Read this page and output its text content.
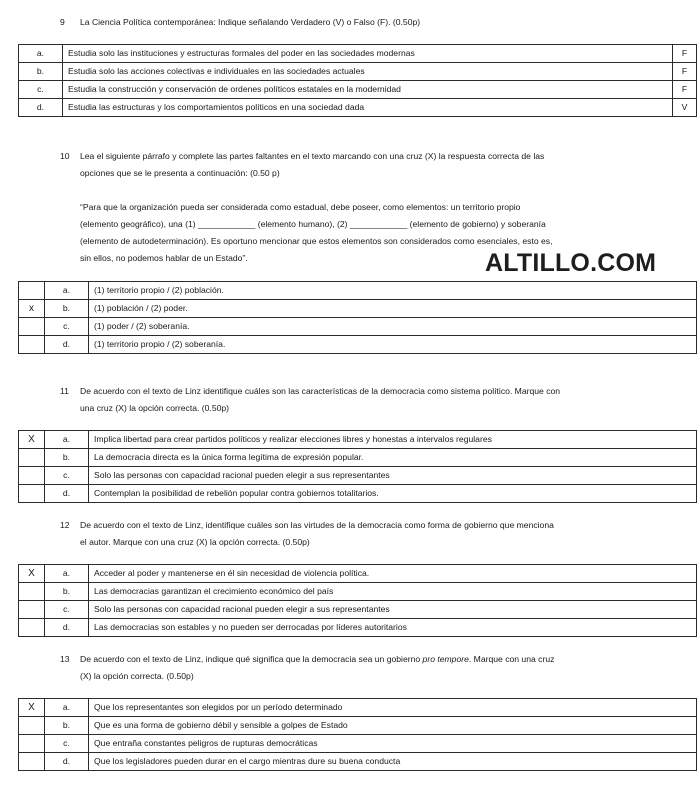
9 La Ciencia Política contemporánea: Indique señalando Verdadero (V) o Falso (F). (0.50p)
a.	Estudia solo las instituciones y estructuras formales del poder en las sociedades modernas	F
b.	Estudia solo las acciones colectivas e individuales en las sociedades actuales	F
c.	Estudia la construcción y conservación de ordenes políticos estatales en la modernidad	F
d.	Estudia las estructuras y los comportamientos políticos en una sociedad dada	V
10 Lea el siguiente párrafo y complete las partes faltantes en el texto marcando con una cruz (X) la respuesta correcta de las
opciones que se le presenta a continuación: (0.50 p)
“Para que la organización pueda ser considerada como estadual, debe poseer, como elementos: un territorio propio
(elemento geográfico), una (1) ____________ (elemento humano), (2) ____________ (elemento de gobierno) y soberanía
(elemento de autodeterminación). Es oportuno mencionar que estos elementos son considerados como esenciales, esto es,
sin ellos, no podemos hablar de un Estado”.	ALTILLO.COM
	a.	(1) territorio propio / (2) población.
x	b.	(1) población / (2) poder.
	c.	(1) poder / (2) soberanía.
	d.	(1) territorio propio / (2) soberanía.
11 De acuerdo con el texto de Linz identifique cuáles son las características de la democracia como sistema político. Marque con
una cruz (X) la opción correcta. (0.50p)
X	a.	Implica libertad para crear partidos políticos y realizar elecciones libres y honestas a intervalos regulares
	b.	La democracia directa es la única forma legítima de expresión popular.
	c.	Solo las personas con capacidad racional pueden elegir a sus representantes
	d.	Contemplan la posibilidad de rebelión popular contra gobiernos totalitarios.
12 De acuerdo con el texto de Linz, identifique cuáles son las virtudes de la democracia como forma de gobierno que menciona
el autor. Marque con una cruz (X) la opción correcta. (0.50p)
X	a.	Acceder al poder y mantenerse en él sin necesidad de violencia política.
	b.	Las democracias garantizan el crecimiento económico del país
	c.	Solo las personas con capacidad racional pueden elegir a sus representantes
	d.	Las democracias son estables y no pueden ser derrocadas por líderes autoritarios
13 De acuerdo con el texto de Linz, indique qué significa que la democracia sea un gobierno pro tempore. Marque con una cruz
(X) la opción correcta. (0.50p)
X	a.	Que los representantes son elegidos por un período determinado
	b.	Que es una forma de gobierno débil y sensible a golpes de Estado
	c.	Que entraña constantes peligros de rupturas democráticas
	d.	Que los legisladores pueden durar en el cargo mientras dure su buena conducta
